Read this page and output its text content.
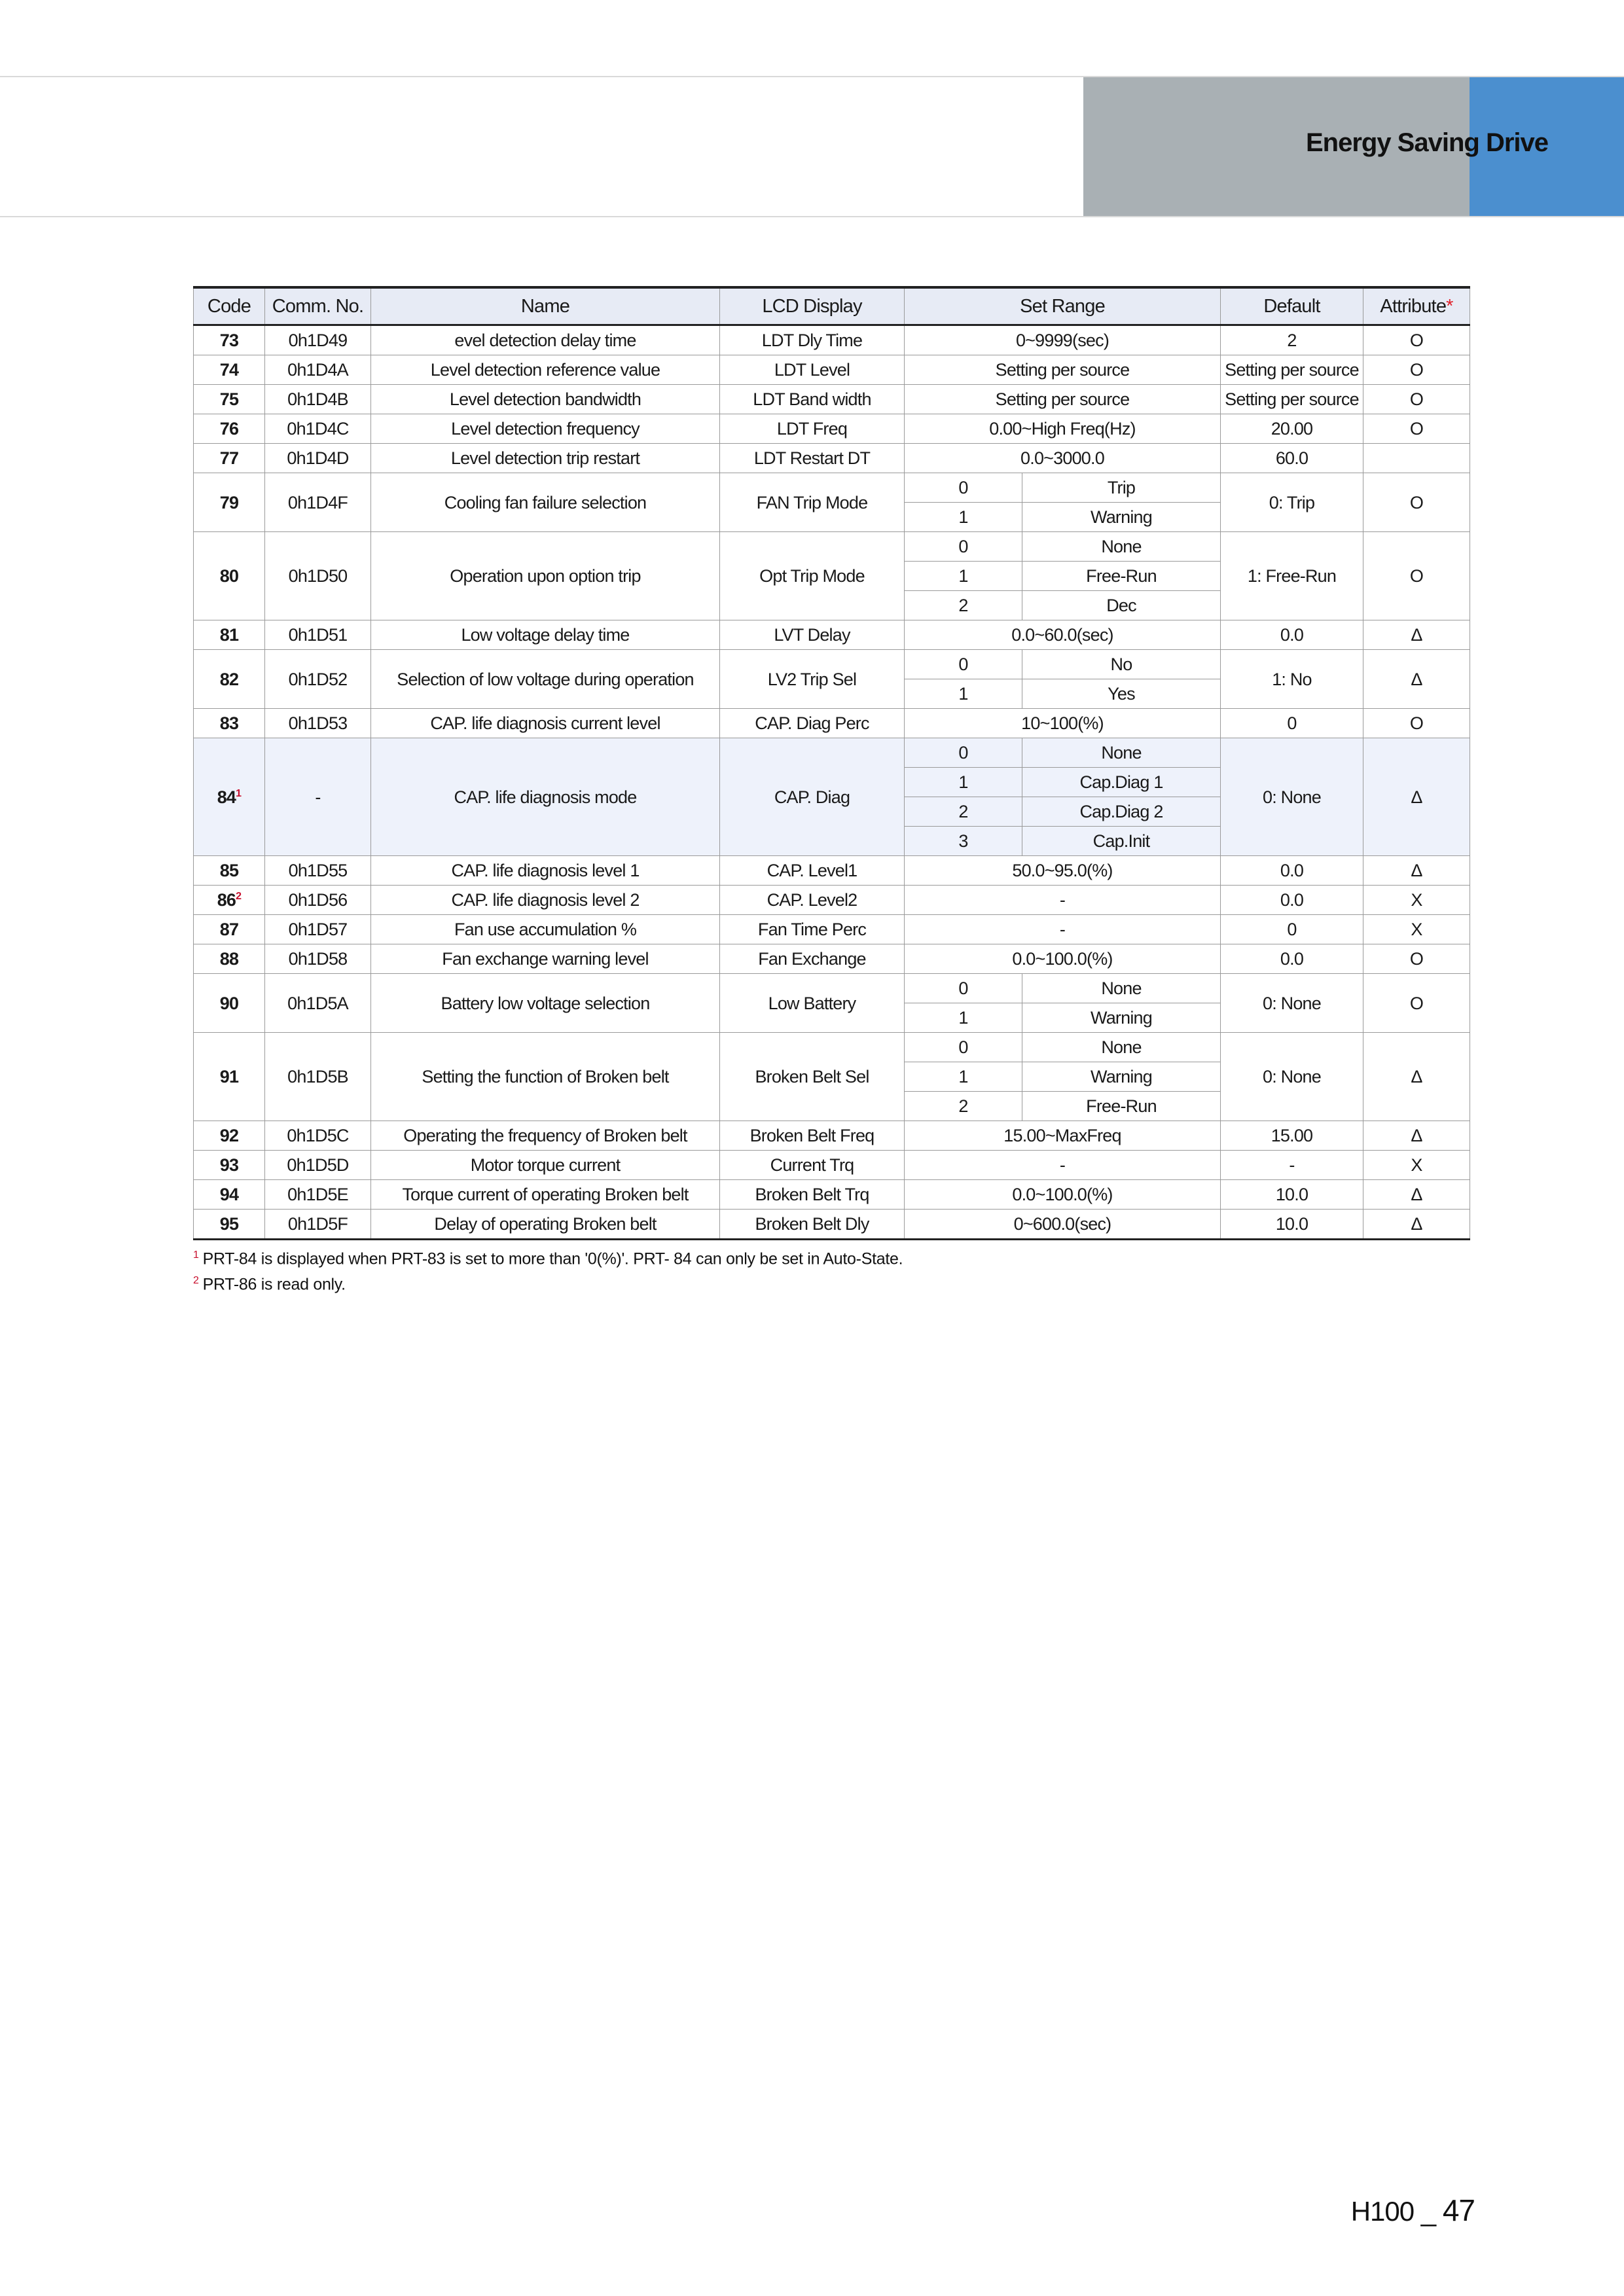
Energy Saving Drive
Code	Comm. No.	Name	LCD Display	Set Range		Default	Attribute*
73	0h1D49	evel detection delay time	LDT Dly Time	0~9999(sec)		2	O
74	0h1D4A	Level detection reference value	LDT Level	Setting per source		Setting per source	O
75	0h1D4B	Level detection bandwidth	LDT Band width	Setting per source		Setting per source	O
76	0h1D4C	Level detection frequency	LDT Freq	0.00~High Freq(Hz)		20.00	O
77	0h1D4D	Level detection trip restart	LDT Restart DT	0.0~3000.0		60.0	
79	0h1D4F	Cooling fan failure selection	FAN Trip Mode	0	Trip	0: Trip	O
				1	Warning		
80	0h1D50	Operation upon option trip	Opt Trip Mode	0	None	1: Free-Run	O
				1	Free-Run		
				2	Dec		
81	0h1D51	Low voltage delay time	LVT Delay	0.0~60.0(sec)		0.0	Δ
82	0h1D52	Selection of low voltage during operation	LV2 Trip Sel	0	No	1: No	Δ
				1	Yes		
83	0h1D53	CAP. life diagnosis current level	CAP. Diag Perc	10~100(%)		0	O
$84^1$	-	CAP. life diagnosis mode	CAP. Diag	0	None	0: None	Δ
				1	Cap.Diag 1		
				2	Cap.Diag 2		
				3	Cap.Init		
85	0h1D55	CAP. life diagnosis level 1	CAP. Level1	50.0~95.0(%)		0.0	Δ
$86^2$	0h1D56	CAP. life diagnosis level 2	CAP. Level2	-		0.0	X
87	0h1D57	Fan use accumulation %	Fan Time Perc	-		0	X
88	0h1D58	Fan exchange warning level	Fan Exchange	0.0~100.0(%)		0.0	O
90	0h1D5A	Battery low voltage selection	Low Battery	0	None	0: None	O
				1	Warning		
91	0h1D5B	Setting the function of Broken belt	Broken Belt Sel	0	None	0: None	Δ
				1	Warning		
				2	Free-Run		
92	0h1D5C	Operating the frequency of Broken belt	Broken Belt Freq	15.00~MaxFreq		15.00	Δ
93	0h1D5D	Motor torque current	Current Trq	-		-	X
94	0h1D5E	Torque current of operating Broken belt	Broken Belt Trq	0.0~100.0(%)		10.0	Δ
95	0h1D5F	Delay of operating Broken belt	Broken Belt Dly	0~600.0(sec)		10.0	Δ
$^1$ PRT-84 is displayed when PRT-83 is set to more than '0(%)'. PRT- 84 can only be set in Auto-State.
$^2$ PRT-86 is read only.
H100 _ 47
